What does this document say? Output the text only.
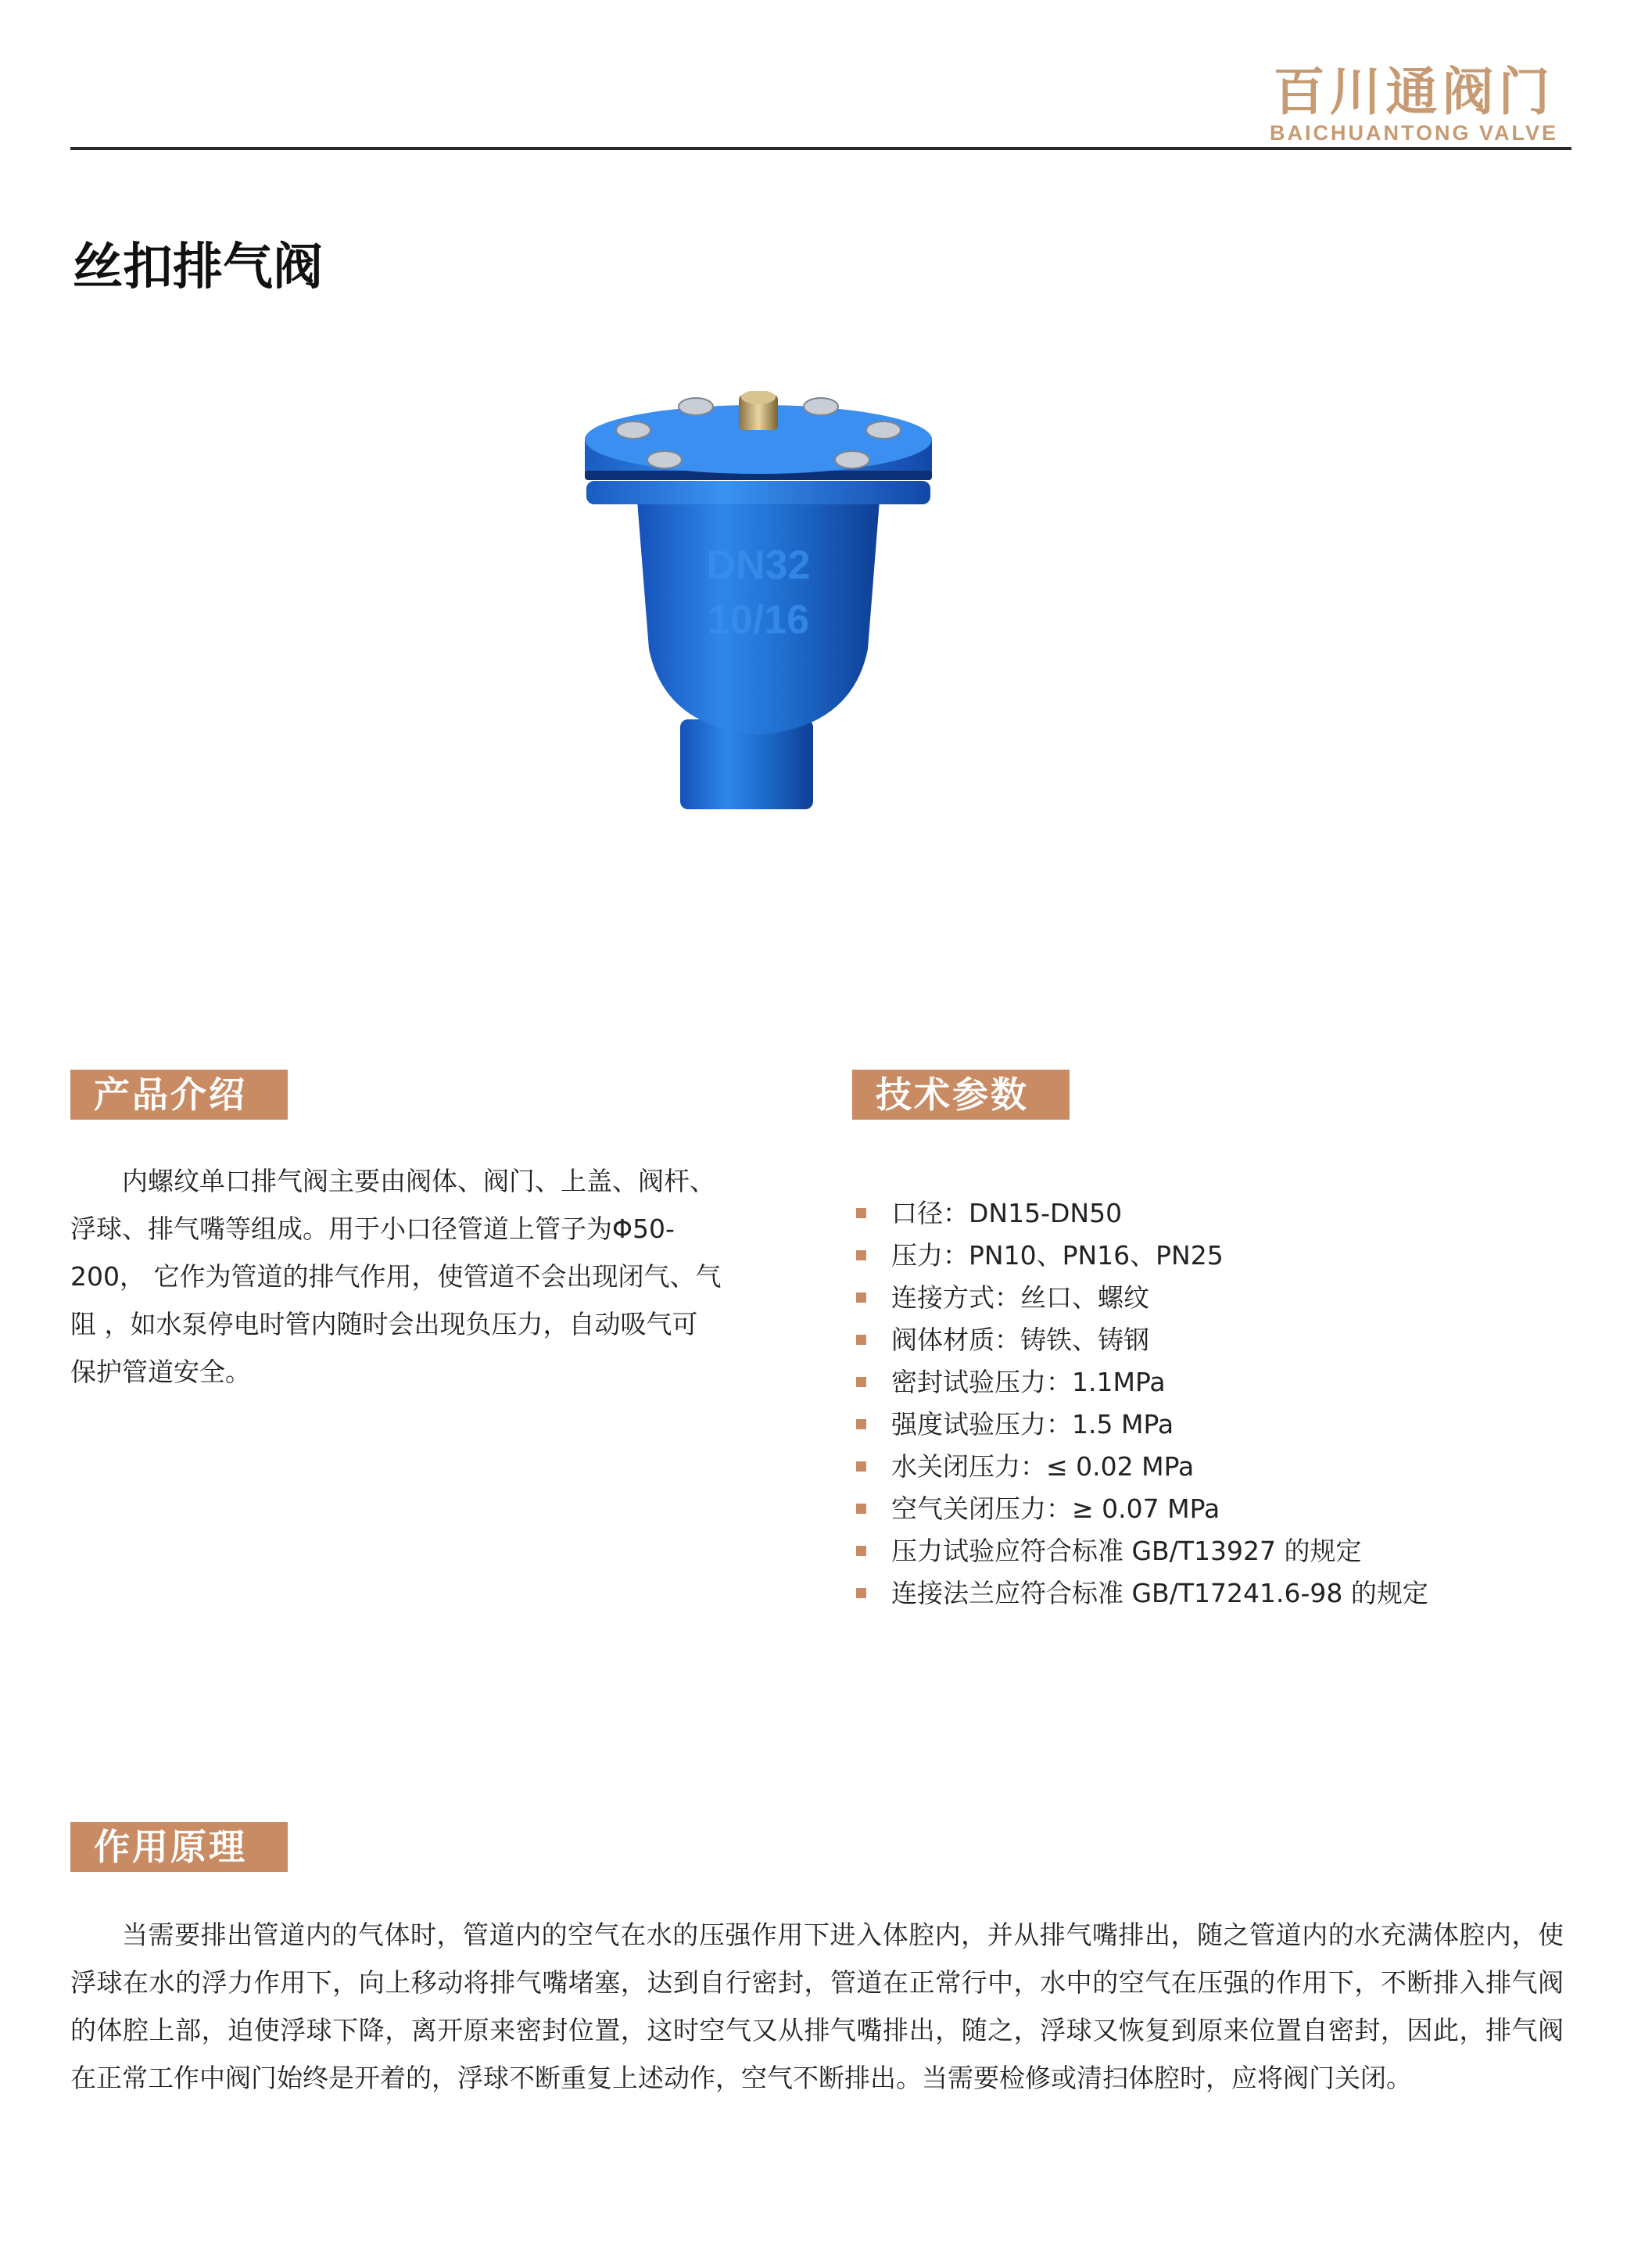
百川通阀门
BAICHUANTONG VALVE
丝扣排气阀
DN32
10/16
产品介绍
内螺纹单口排气阀主要由阀体、阀门、上盖、阀杆、浮球、排气嘴等组成。用于小口径管道上管子为Φ50-200， 它作为管道的排气作用，使管道不会出现闭气、气阻 ，如水泵停电时管内随时会出现负压力，自动吸气可保护管道安全。
技术参数
口径：DN15-DN50
压力：PN10、PN16、PN25
连接方式：丝口、螺纹
阀体材质：铸铁、铸钢
密封试验压力：1.1MPa
强度试验压力：1.5 MPa
水关闭压力：≤ 0.02 MPa
空气关闭压力：≥ 0.07 MPa
压力试验应符合标准 GB/T13927 的规定
连接法兰应符合标准 GB/T17241.6-98 的规定
作用原理
当需要排出管道内的气体时，管道内的空气在水的压强作用下进入体腔内，并从排气嘴排出，随之管道内的水充满体腔内，使浮球在水的浮力作用下，向上移动将排气嘴堵塞，达到自行密封，管道在正常行中，水中的空气在压强的作用下，不断排入排气阀的体腔上部，迫使浮球下降，离开原来密封位置，这时空气又从排气嘴排出，随之，浮球又恢复到原来位置自密封，因此，排气阀在正常工作中阀门始终是开着的，浮球不断重复上述动作，空气不断排出。当需要检修或清扫体腔时，应将阀门关闭。
